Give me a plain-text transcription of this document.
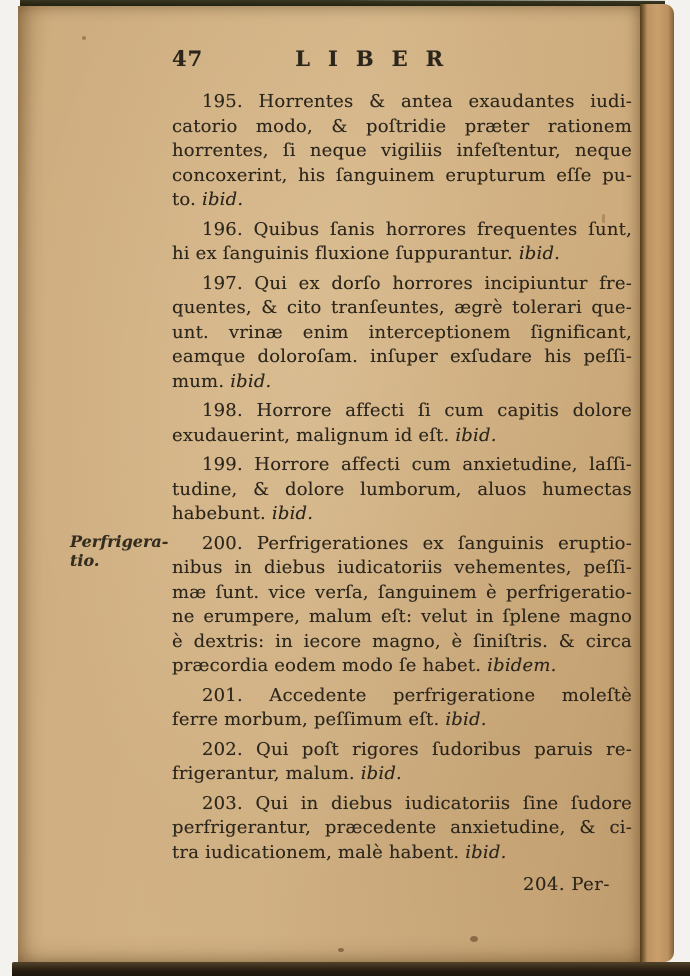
47	LIBER
195. Horrentes & antea exaudantes iudi-
catorio modo, & poſtridie præter rationem
horrentes, ſi neque vigiliis infeſtentur, neque
concoxerint, his ſanguinem erupturum eſſe pu-
to. ibid.
196. Quibus ſanis horrores frequentes ſunt,
hi ex ſanguinis fluxione ſuppurantur. ibid.
197. Qui ex dorſo horrores incipiuntur fre-
quentes, & cito tranſeuntes, ægrè tolerari que-
unt. vrinæ enim interceptionem ſignificant,
eamque doloroſam. inſuper exſudare his peſſi-
mum. ibid.
198. Horrore affecti ſi cum capitis dolore
exudauerint, malignum id eſt. ibid.
199. Horrore affecti cum anxietudine, laſſi-
tudine, & dolore lumborum, aluos humectas
habebunt. ibid.
200. Perfrigerationes ex ſanguinis eruptio-
nibus in diebus iudicatoriis vehementes, peſſi-
mæ ſunt. vice verſa, ſanguinem è perfrigeratio-
ne erumpere, malum eſt: velut in ſplene magno
è dextris: in iecore magno, è ſiniſtris. & circa
præcordia eodem modo ſe habet. ibidem.
201. Accedente perfrigeratione moleſtè
ferre morbum, peſſimum eſt. ibid.
202. Qui poſt rigores ſudoribus paruis re-
frigerantur, malum. ibid.
203. Qui in diebus iudicatoriis ſine ſudore
perfrigerantur, præcedente anxietudine, & ci-
tra iudicationem, malè habent. ibid.
Perfrigera-
tio.
204. Per-
